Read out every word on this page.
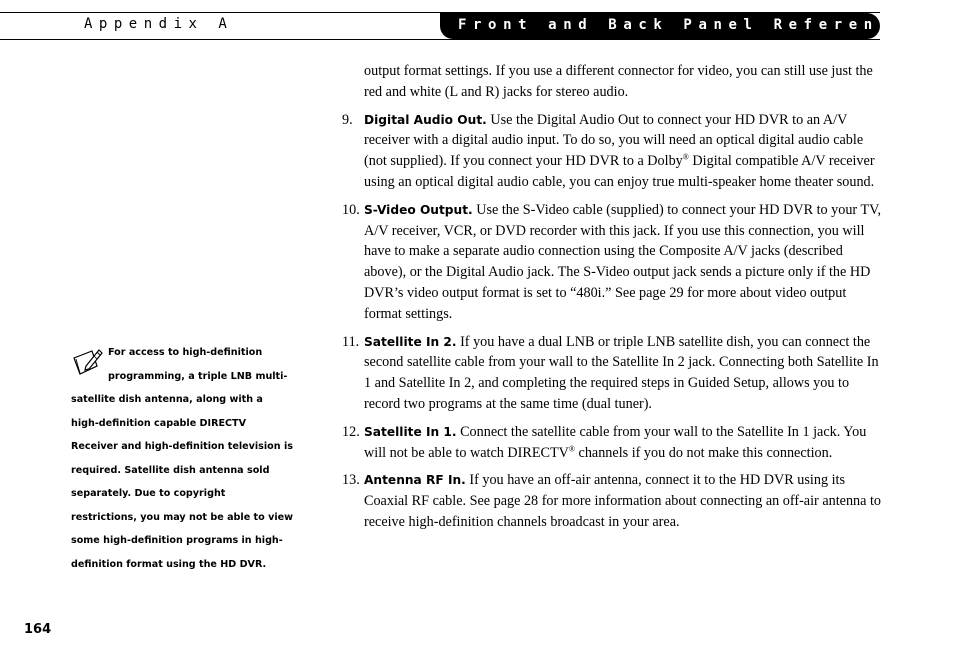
Appendix A	Front and Back Panel Reference

output format settings. If you use a different connector for video, you can still use just the red and white (L and R) jacks for stereo audio.

9. Digital Audio Out. Use the Digital Audio Out to connect your HD DVR to an A/V receiver with a digital audio input. To do so, you will need an optical digital audio cable (not supplied). If you connect your HD DVR to a Dolby® Digital compatible A/V receiver using an optical digital audio cable, you can enjoy true multi-speaker home theater sound.
10. S-Video Output. Use the S-Video cable (supplied) to connect your HD DVR to your TV, A/V receiver, VCR, or DVD recorder with this jack. If you use this connection, you will have to make a separate audio connection using the Composite A/V jacks (described above), or the Digital Audio jack. The S-Video output jack sends a picture only if the HD DVR’s video output format is set to “480i.” See page 29 for more about video output format settings.
11. Satellite In 2. If you have a dual LNB or triple LNB satellite dish, you can connect the second satellite cable from your wall to the Satellite In 2 jack. Connecting both Satellite In 1 and Satellite In 2, and completing the required steps in Guided Setup, allows you to record two programs at the same time (dual tuner).
12. Satellite In 1. Connect the satellite cable from your wall to the Satellite In 1 jack. You will not be able to watch DIRECTV® channels if you do not make this connection.
13. Antenna RF In. If you have an off-air antenna, connect it to the HD DVR using its Coaxial RF cable. See page 28 for more information about connecting an off-air antenna to receive high-definition channels broadcast in your area.
For access to high-definition programming, a triple LNB multi-
satellite dish antenna, along with a high-definition capable DIRECTV Receiver and high-definition television is required. Satellite dish antenna sold separately. Due to copyright restrictions, you may not be able to view some high-definition programs in high-definition format using the HD DVR.
164
